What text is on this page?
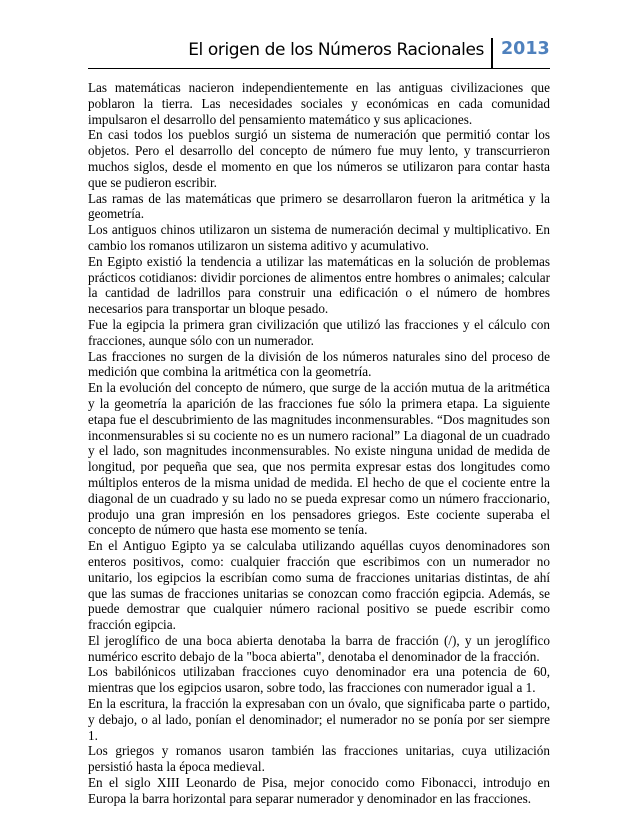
El origen de los Números Racionales 2013

Las matemáticas nacieron independientemente en las antiguas civilizaciones que poblaron la tierra. Las necesidades sociales y económicas en cada comunidad impulsaron el desarrollo del pensamiento matemático y sus aplicaciones.

En casi todos los pueblos surgió un sistema de numeración que permitió contar los objetos. Pero el desarrollo del concepto de número fue muy lento, y transcurrieron muchos siglos, desde el momento en que los números se utilizaron para contar hasta que se pudieron escribir.

Las ramas de las matemáticas que primero se desarrollaron fueron la aritmética y la geometría.

Los antiguos chinos utilizaron un sistema de numeración decimal y multiplicativo. En cambio los romanos utilizaron un sistema aditivo y acumulativo.

En Egipto existió la tendencia a utilizar las matemáticas en la solución de problemas prácticos cotidianos: dividir porciones de alimentos entre hombres o animales; calcular la cantidad de ladrillos para construir una edificación o el número de hombres necesarios para transportar un bloque pesado.

Fue la egipcia la primera gran civilización que utilizó las fracciones y el cálculo con fracciones, aunque sólo con un numerador.

Las fracciones no surgen de la división de los números naturales sino del proceso de medición que combina la aritmética con la geometría.

En la evolución del concepto de número, que surge de la acción mutua de la aritmética y la geometría la aparición de las fracciones fue sólo la primera etapa. La siguiente etapa fue el descubrimiento de las magnitudes inconmensurables. “Dos magnitudes son inconmensurables si su cociente no es un numero racional” La diagonal de un cuadrado y el lado, son magnitudes inconmensurables. No existe ninguna unidad de medida de longitud, por pequeña que sea, que nos permita expresar estas dos longitudes como múltiplos enteros de la misma unidad de medida. El hecho de que el cociente entre la diagonal de un cuadrado y su lado no se pueda expresar como un número fraccionario, produjo una gran impresión en los pensadores griegos. Este cociente superaba el concepto de número que hasta ese momento se tenía.

En el Antiguo Egipto ya se calculaba utilizando aquéllas cuyos denominadores son enteros positivos, como: cualquier fracción que escribimos con un numerador no unitario, los egipcios la escribían como suma de fracciones unitarias distintas, de ahí que las sumas de fracciones unitarias se conozcan como fracción egipcia. Además, se puede demostrar que cualquier número racional positivo se puede escribir como fracción egipcia.

El jeroglífico de una boca abierta denotaba la barra de fracción (/), y un jeroglífico numérico escrito debajo de la "boca abierta", denotaba el denominador de la fracción.

Los babilónicos utilizaban fracciones cuyo denominador era una potencia de 60, mientras que los egipcios usaron, sobre todo, las fracciones con numerador igual a 1.

En la escritura, la fracción la expresaban con un óvalo, que significaba parte o partido, y debajo, o al lado, ponían el denominador; el numerador no se ponía por ser siempre 1.

Los griegos y romanos usaron también las fracciones unitarias, cuya utilización persistió hasta la época medieval.

En el siglo XIII Leonardo de Pisa, mejor conocido como Fibonacci, introdujo en Europa la barra horizontal para separar numerador y denominador en las fracciones.
